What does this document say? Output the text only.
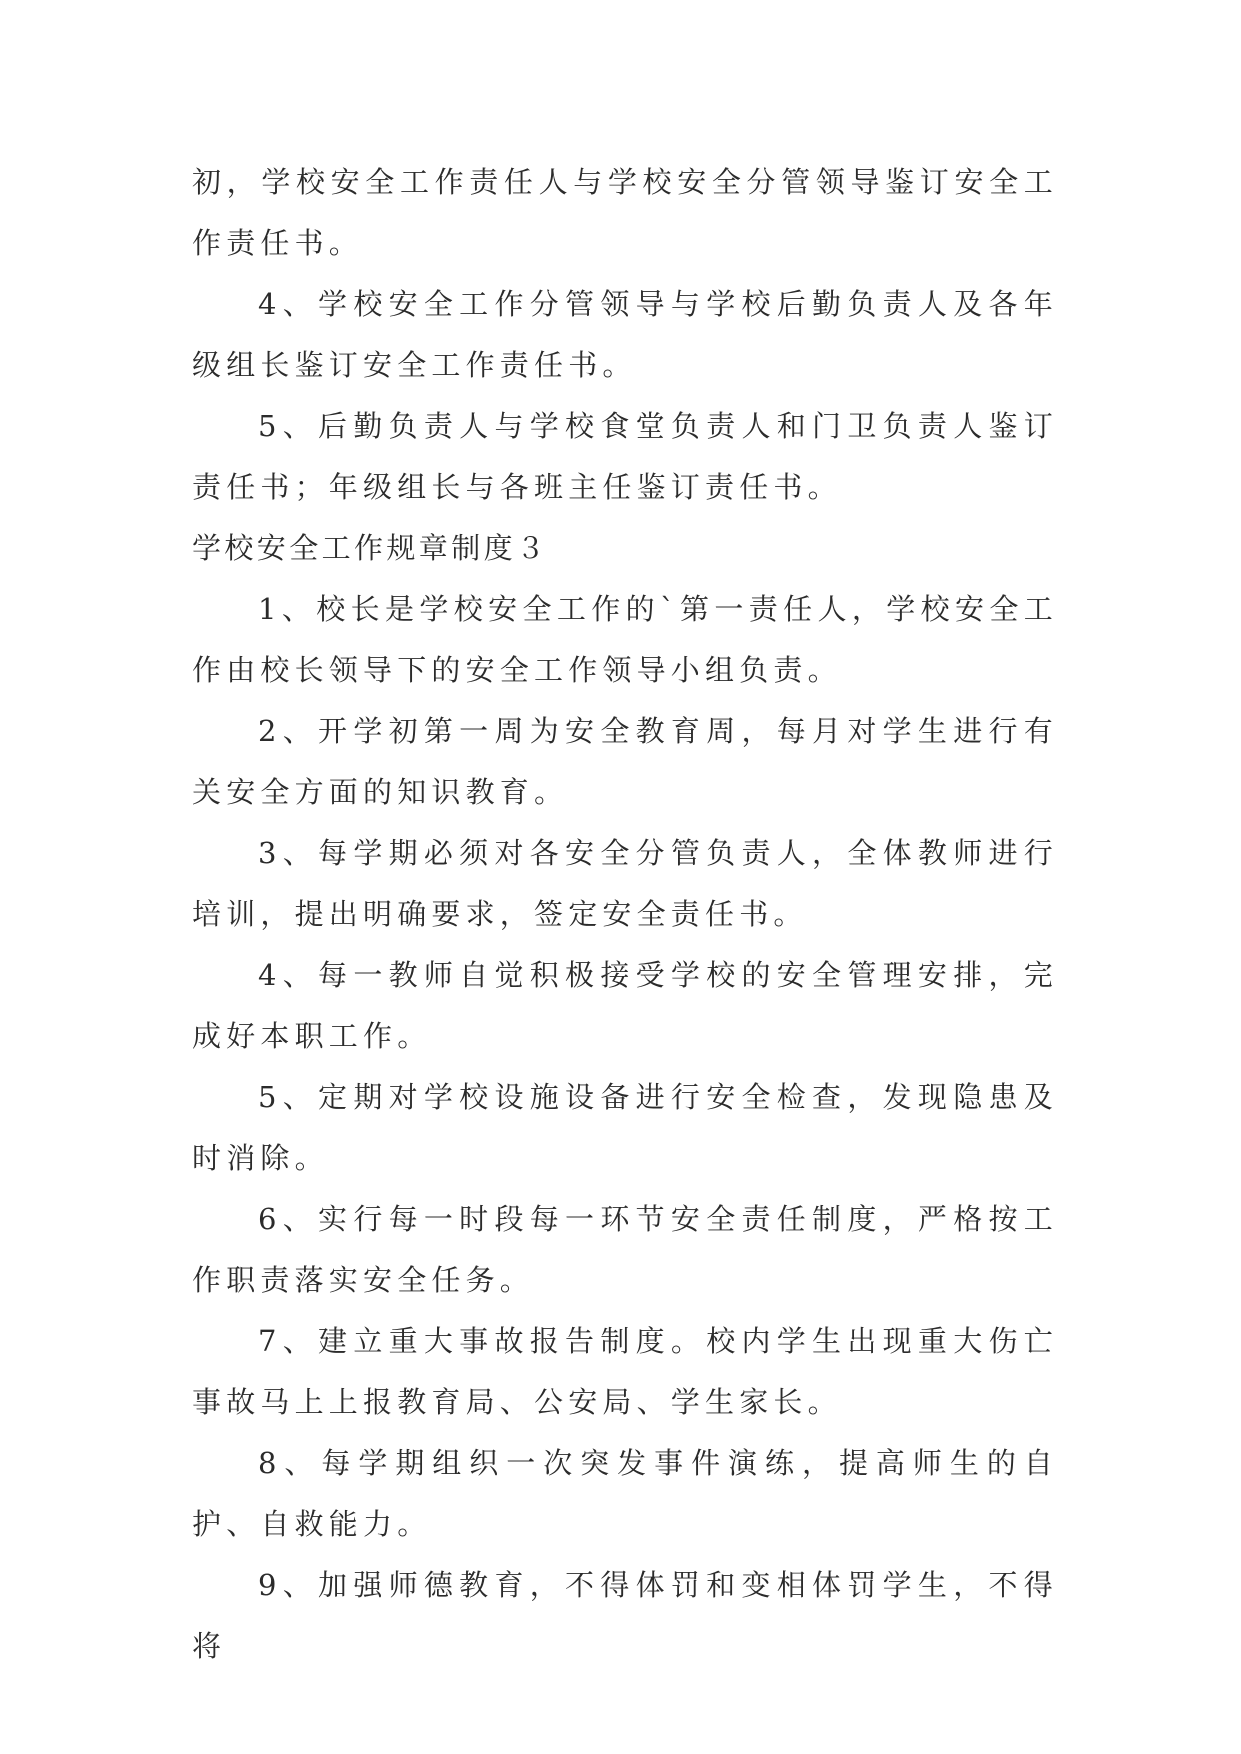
初，学校安全工作责任人与学校安全分管领导鉴订安全工作责任书。

4、学校安全工作分管领导与学校后勤负责人及各年级组长鉴订安全工作责任书。

5、后勤负责人与学校食堂负责人和门卫负责人鉴订责任书；年级组长与各班主任鉴订责任书。

学校安全工作规章制度３

1、校长是学校安全工作的`第一责任人，学校安全工作由校长领导下的安全工作领导小组负责。

2、开学初第一周为安全教育周，每月对学生进行有关安全方面的知识教育。

3、每学期必须对各安全分管负责人，全体教师进行培训，提出明确要求，签定安全责任书。

4、每一教师自觉积极接受学校的安全管理安排，完成好本职工作。

5、定期对学校设施设备进行安全检查，发现隐患及时消除。

6、实行每一时段每一环节安全责任制度，严格按工作职责落实安全任务。

7、建立重大事故报告制度。校内学生出现重大伤亡事故马上上报教育局、公安局、学生家长。

8、每学期组织一次突发事件演练，提高师生的自护、自救能力。

9、加强师德教育，不得体罚和变相体罚学生，不得将
